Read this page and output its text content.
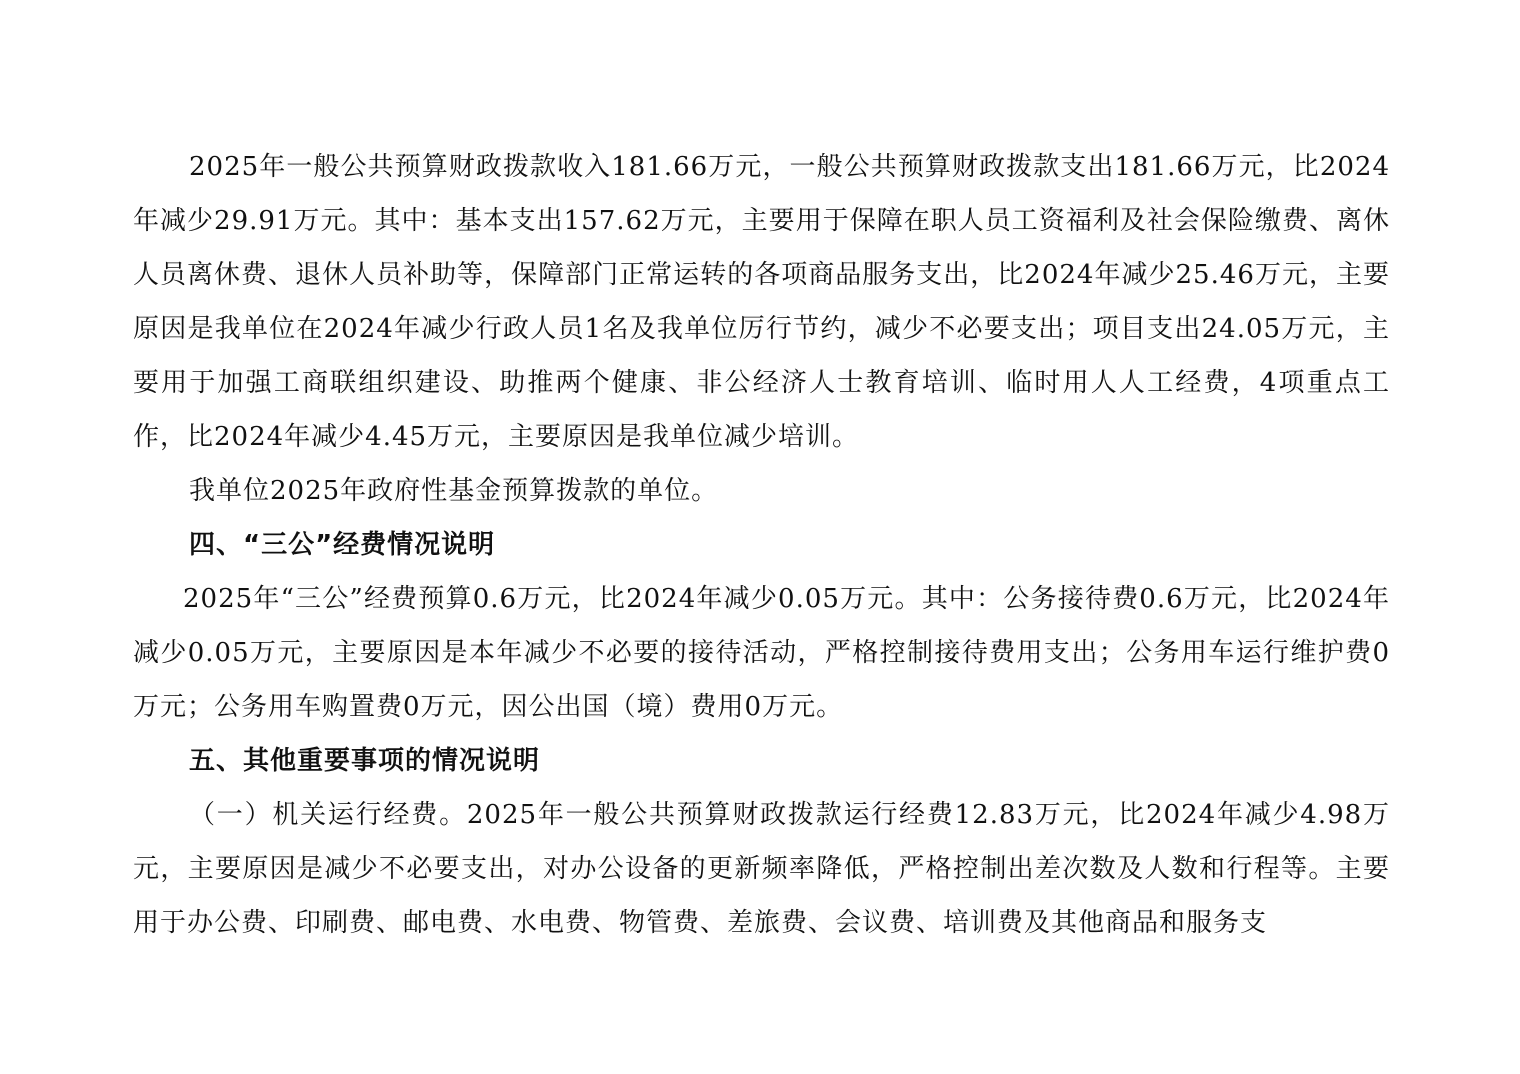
2025年一般公共预算财政拨款收入181.66万元，一般公共预算财政拨款支出181.66万元，比2024年减少29.91万元。其中：基本支出157.62万元，主要用于保障在职人员工资福利及社会保险缴费、离休人员离休费、退休人员补助等，保障部门正常运转的各项商品服务支出，比2024年减少25.46万元，主要原因是我单位在2024年减少行政人员1名及我单位厉行节约，减少不必要支出；项目支出24.05万元，主要用于加强工商联组织建设、助推两个健康、非公经济人士教育培训、临时用人人工经费，4项重点工作，比2024年减少4.45万元，主要原因是我单位减少培训。

我单位2025年政府性基金预算拨款的单位。

四、“三公”经费情况说明

2025年“三公”经费预算0.6万元，比2024年减少0.05万元。其中：公务接待费0.6万元，比2024年减少0.05万元，主要原因是本年减少不必要的接待活动，严格控制接待费用支出；公务用车运行维护费0万元；公务用车购置费0万元，因公出国（境）费用0万元。

五、其他重要事项的情况说明

（一）机关运行经费。2025年一般公共预算财政拨款运行经费12.83万元，比2024年减少4.98万元，主要原因是减少不必要支出，对办公设备的更新频率降低，严格控制出差次数及人数和行程等。主要用于办公费、印刷费、邮电费、水电费、物管费、差旅费、会议费、培训费及其他商品和服务支
